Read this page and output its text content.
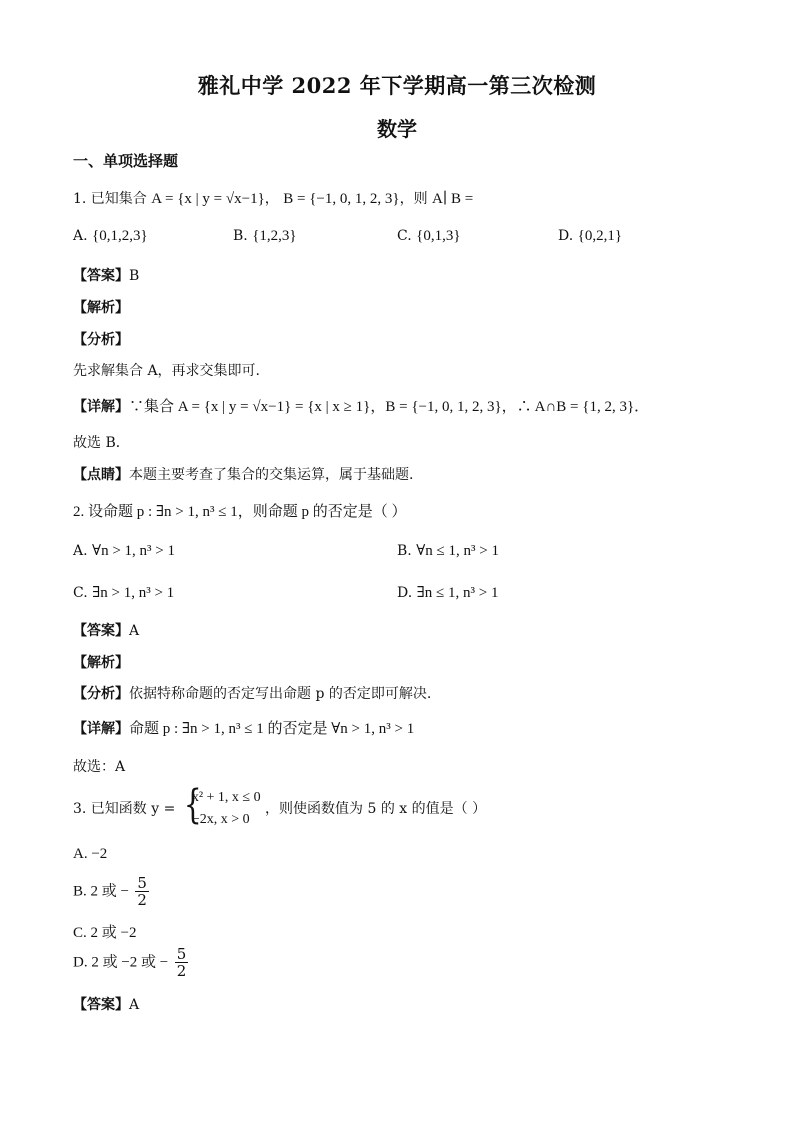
雅礼中学 2022 年下学期高一第三次检测
数学
一、单项选择题
1. 已知集合 A = {x | y = √x−1}， B = {−1, 0, 1, 2, 3}，则 A∣ B =
A. {0,1,2,3}	B. {1,2,3}	C. {0,1,3}	D. {0,2,1}
【答案】B
【解析】
【分析】
先求解集合 A，再求交集即可.
【详解】∵集合 A = {x | y = √x−1} = {x | x ≥ 1}，B = {−1, 0, 1, 2, 3}，∴ A∩B = {1, 2, 3}．
故选 B．
【点睛】本题主要考查了集合的交集运算，属于基础题.
2. 设命题 p : ∃n > 1, n³ ≤ 1，则命题 p 的否定是（ ）
A. ∀n > 1, n³ > 1	B. ∀n ≤ 1, n³ > 1
C. ∃n > 1, n³ > 1	D. ∃n ≤ 1, n³ > 1
【答案】A
【解析】
【分析】依据特称命题的否定写出命题 p 的否定即可解决.
【详解】命题 p : ∃n > 1, n³ ≤ 1 的否定是 ∀n > 1, n³ > 1
故选：A
3. 已知函数 y = {
x² + 1, x ≤ 0
−2x, x > 0
，则使函数值为 5 的 x 的值是（ ）
A. −2
B. 2 或 − $\frac{5}{2}$
C. 2 或 −2
D. 2 或 −2 或 − $\frac{5}{2}$
【答案】A
